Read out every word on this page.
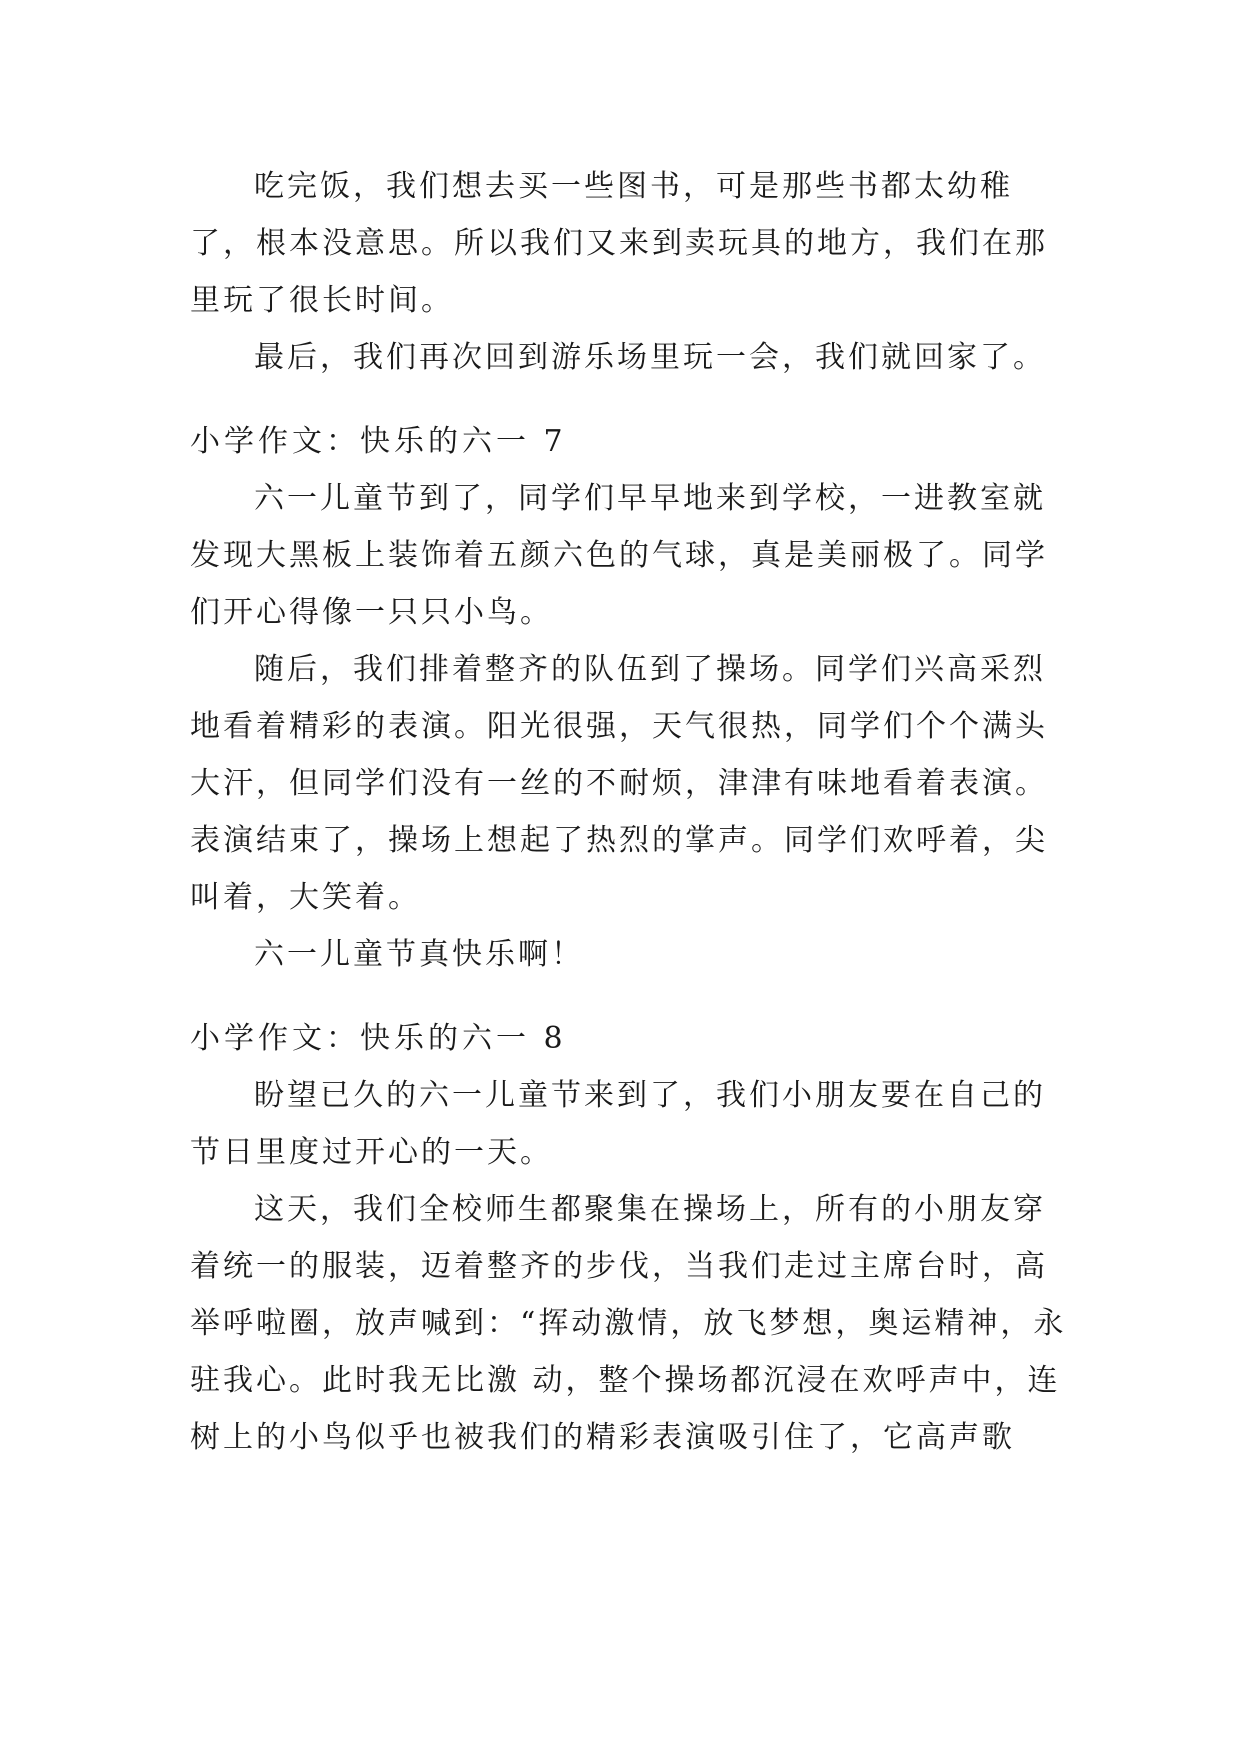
吃完饭，我们想去买一些图书，可是那些书都太幼稚了，根本没意思。所以我们又来到卖玩具的地方，我们在那里玩了很长时间。

最后，我们再次回到游乐场里玩一会，我们就回家了。

小学作文：快乐的六一 7

六一儿童节到了，同学们早早地来到学校，一进教室就发现大黑板上装饰着五颜六色的气球，真是美丽极了。同学们开心得像一只只小鸟。

随后，我们排着整齐的队伍到了操场。同学们兴高采烈地看着精彩的表演。阳光很强，天气很热，同学们个个满头大汗，但同学们没有一丝的不耐烦，津津有味地看着表演。表演结束了，操场上想起了热烈的掌声。同学们欢呼着，尖叫着，大笑着。

六一儿童节真快乐啊！

小学作文：快乐的六一 8

盼望已久的六一儿童节来到了，我们小朋友要在自己的节日里度过开心的一天。

这天，我们全校师生都聚集在操场上，所有的小朋友穿着统一的服装，迈着整齐的步伐，当我们走过主席台时，高举呼啦圈，放声喊到：“挥动激情，放飞梦想，奥运精神，永驻我心。此时我无比激 动，整个操场都沉浸在欢呼声中，连树上的小鸟似乎也被我们的精彩表演吸引住了，它高声歌
